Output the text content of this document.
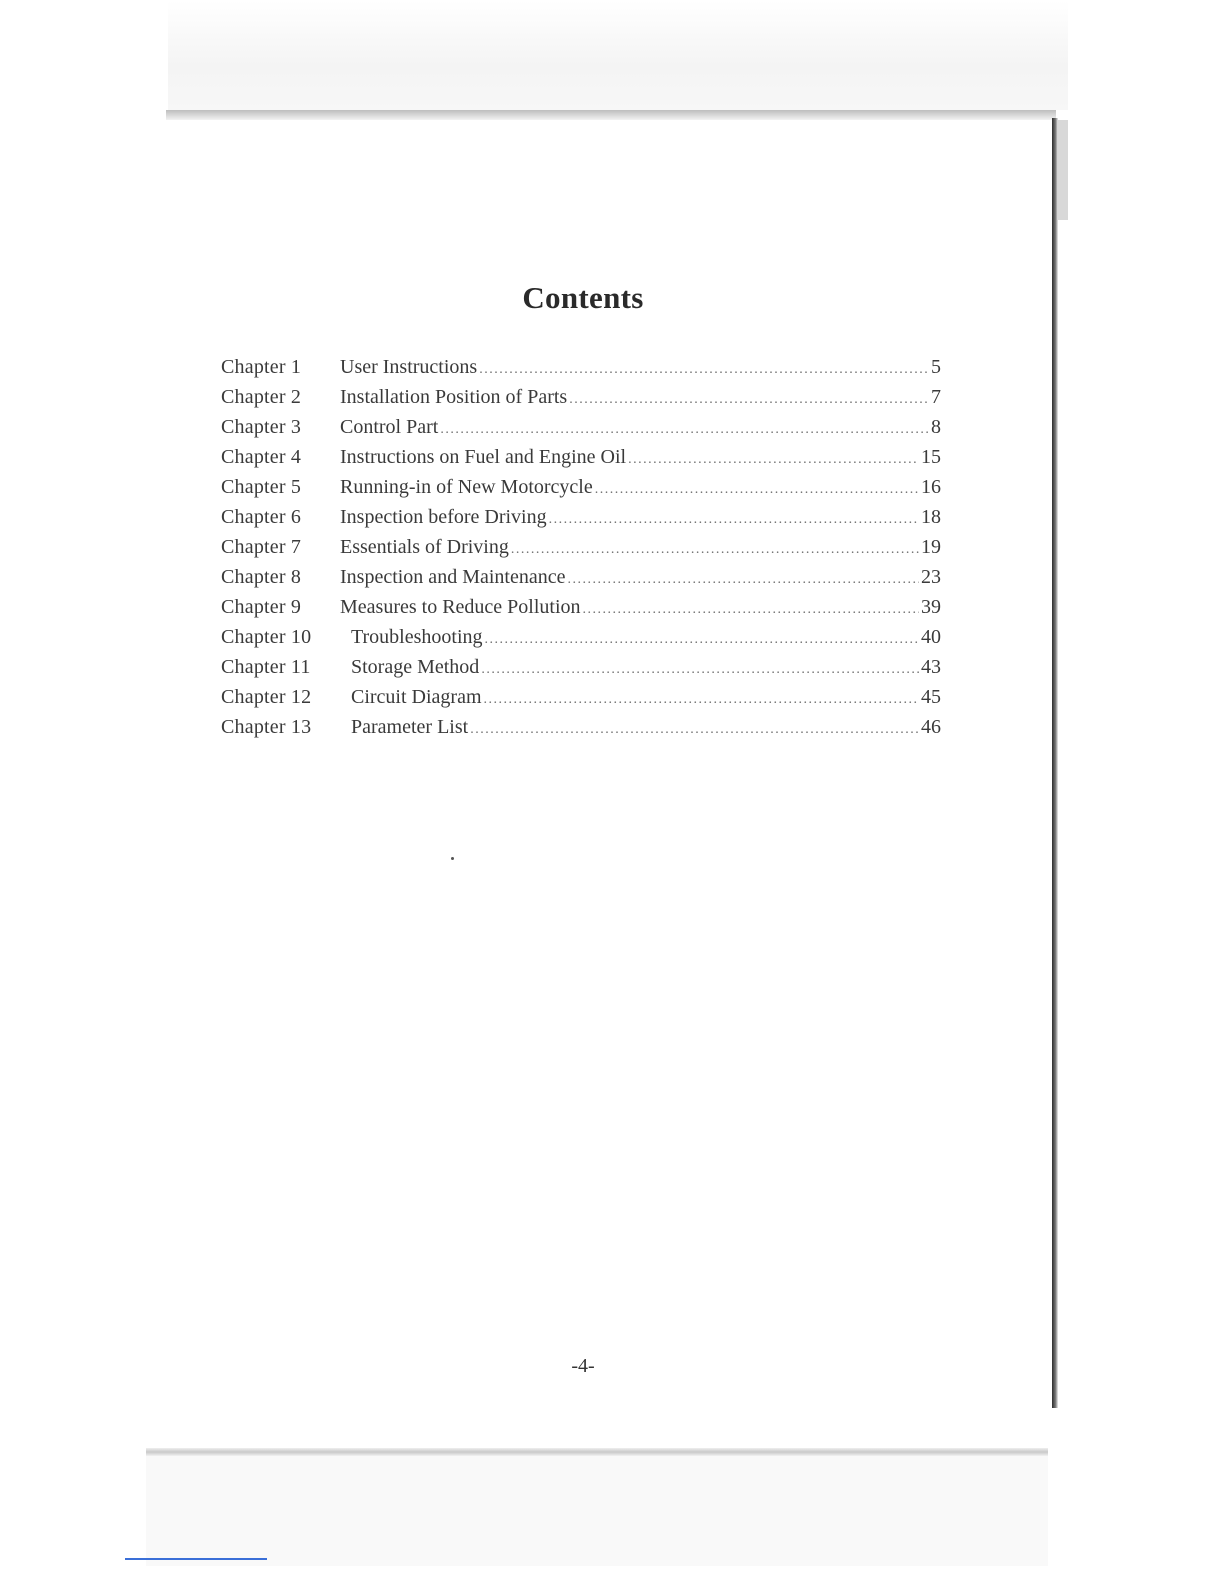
Contents
Chapter 1	User Instructions .....	5
Chapter 2	Installation Position of Parts .....	7
Chapter 3	Control Part .....	8
Chapter 4	Instructions on Fuel and Engine Oil .....	15
Chapter 5	Running-in of New Motorcycle .....	16
Chapter 6	Inspection before Driving .....	18
Chapter 7	Essentials of Driving .....	19
Chapter 8	Inspection and Maintenance .....	23
Chapter 9	Measures to Reduce Pollution .....	39
Chapter 10	Troubleshooting .....	40
Chapter 11	Storage Method .....	43
Chapter 12	Circuit Diagram .....	45
Chapter 13	Parameter List .....	46
-4-
